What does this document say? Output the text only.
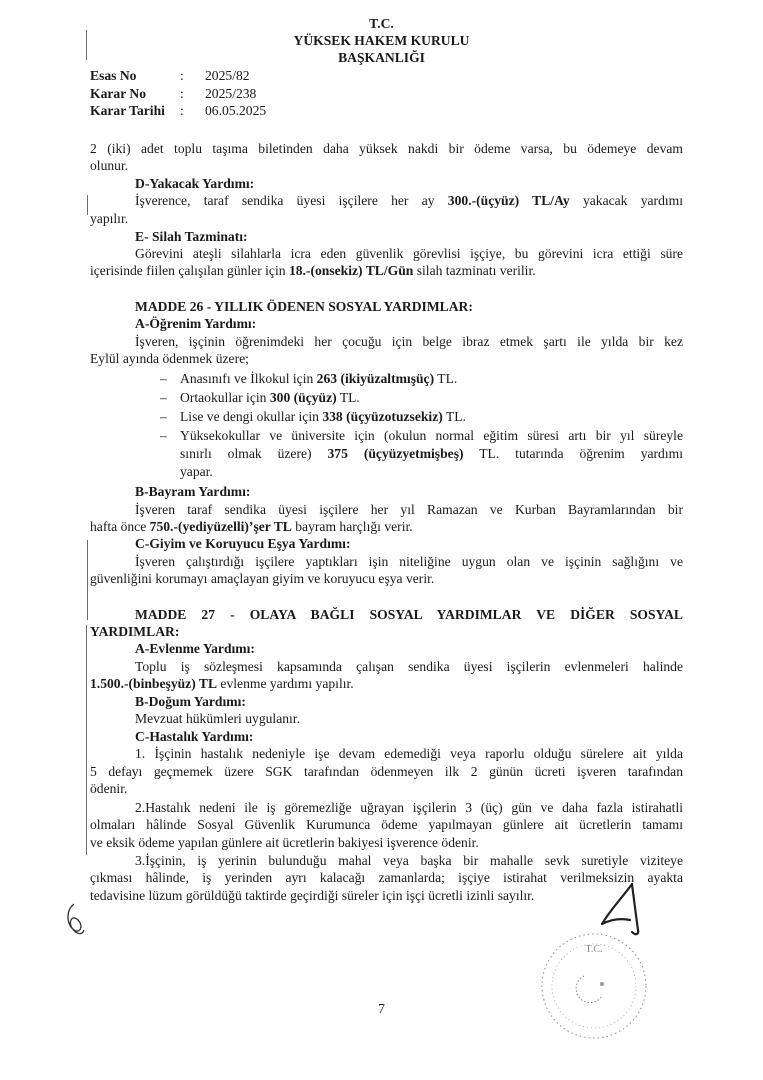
T.C.
YÜKSEK HAKEM KURULU
BAŞKANLIĞI
Esas No	: 2025/82
Karar No : 2025/238
Karar Tarihi : 06.05.2025
2 (iki) adet toplu taşıma biletinden daha yüksek nakdi bir ödeme varsa, bu ödemeye devam
olunur.
D-Yakacak Yardımı:
İşverence, taraf sendika üyesi işçilere her ay 300.-(üçyüz) TL/Ay yakacak yardımı
yapılır.
E- Silah Tazminatı:
Görevini ateşli silahlarla icra eden güvenlik görevlisi işçiye, bu görevini icra ettiği süre
içerisinde fiilen çalışılan günler için 18.-(onsekiz) TL/Gün silah tazminatı verilir.
MADDE 26 - YILLIK ÖDENEN SOSYAL YARDIMLAR:
A-Öğrenim Yardımı:
İşveren, işçinin öğrenimdeki her çocuğu için belge ibraz etmek şartı ile yılda bir kez
Eylül ayında ödenmek üzere;
– Anasınıfı ve İlkokul için 263 (ikiyüzaltmışüç) TL.
– Ortaokullar için 300 (üçyüz) TL.
– Lise ve dengi okullar için 338 (üçyüzotuzsekiz) TL.
– Yüksekokullar ve üniversite için (okulun normal eğitim süresi artı bir yıl süreyle
sınırlı olmak üzere) 375 (üçyüzyetmişbeş) TL. tutarında öğrenim yardımı
yapar.
B-Bayram Yardımı:
İşveren taraf sendika üyesi işçilere her yıl Ramazan ve Kurban Bayramlarından bir
hafta önce 750.-(yediyüzelli)’şer TL bayram harçlığı verir.
C-Giyim ve Koruyucu Eşya Yardımı:
İşveren çalıştırdığı işçilere yaptıkları işin niteliğine uygun olan ve işçinin sağlığını ve
güvenliğini korumayı amaçlayan giyim ve koruyucu eşya verir.
MADDE 27 - OLAYA BAĞLI SOSYAL YARDIMLAR VE DİĞER SOSYAL
YARDIMLAR:
A-Evlenme Yardımı:
Toplu iş sözleşmesi kapsamında çalışan sendika üyesi işçilerin evlenmeleri halinde
1.500.-(binbeşyüz) TL evlenme yardımı yapılır.
B-Doğum Yardımı:
Mevzuat hükümleri uygulanır.
C-Hastalık Yardımı:
1. İşçinin hastalık nedeniyle işe devam edemediği veya raporlu olduğu sürelere ait yılda
5 defayı geçmemek üzere SGK tarafından ödenmeyen ilk 2 günün ücreti işveren tarafından
ödenir.
2.Hastalık nedeni ile iş göremezliğe uğrayan işçilerin 3 (üç) gün ve daha fazla istirahatli
olmaları hâlinde Sosyal Güvenlik Kurumunca ödeme yapılmayan günlere ait ücretlerin tamamı
ve eksik ödeme yapılan günlere ait ücretlerin bakiyesi işverence ödenir.
3.İşçinin, iş yerinin bulunduğu mahal veya başka bir mahalle sevk suretiyle viziteye
çıkması hâlinde, iş yerinden ayrı kalacağı zamanlarda; işçiye istirahat verilmeksizin ayakta
tedavisine lüzum görüldüğü taktirde geçirdiği süreler için işçi ücretli izinli sayılır.
T.C.
7
